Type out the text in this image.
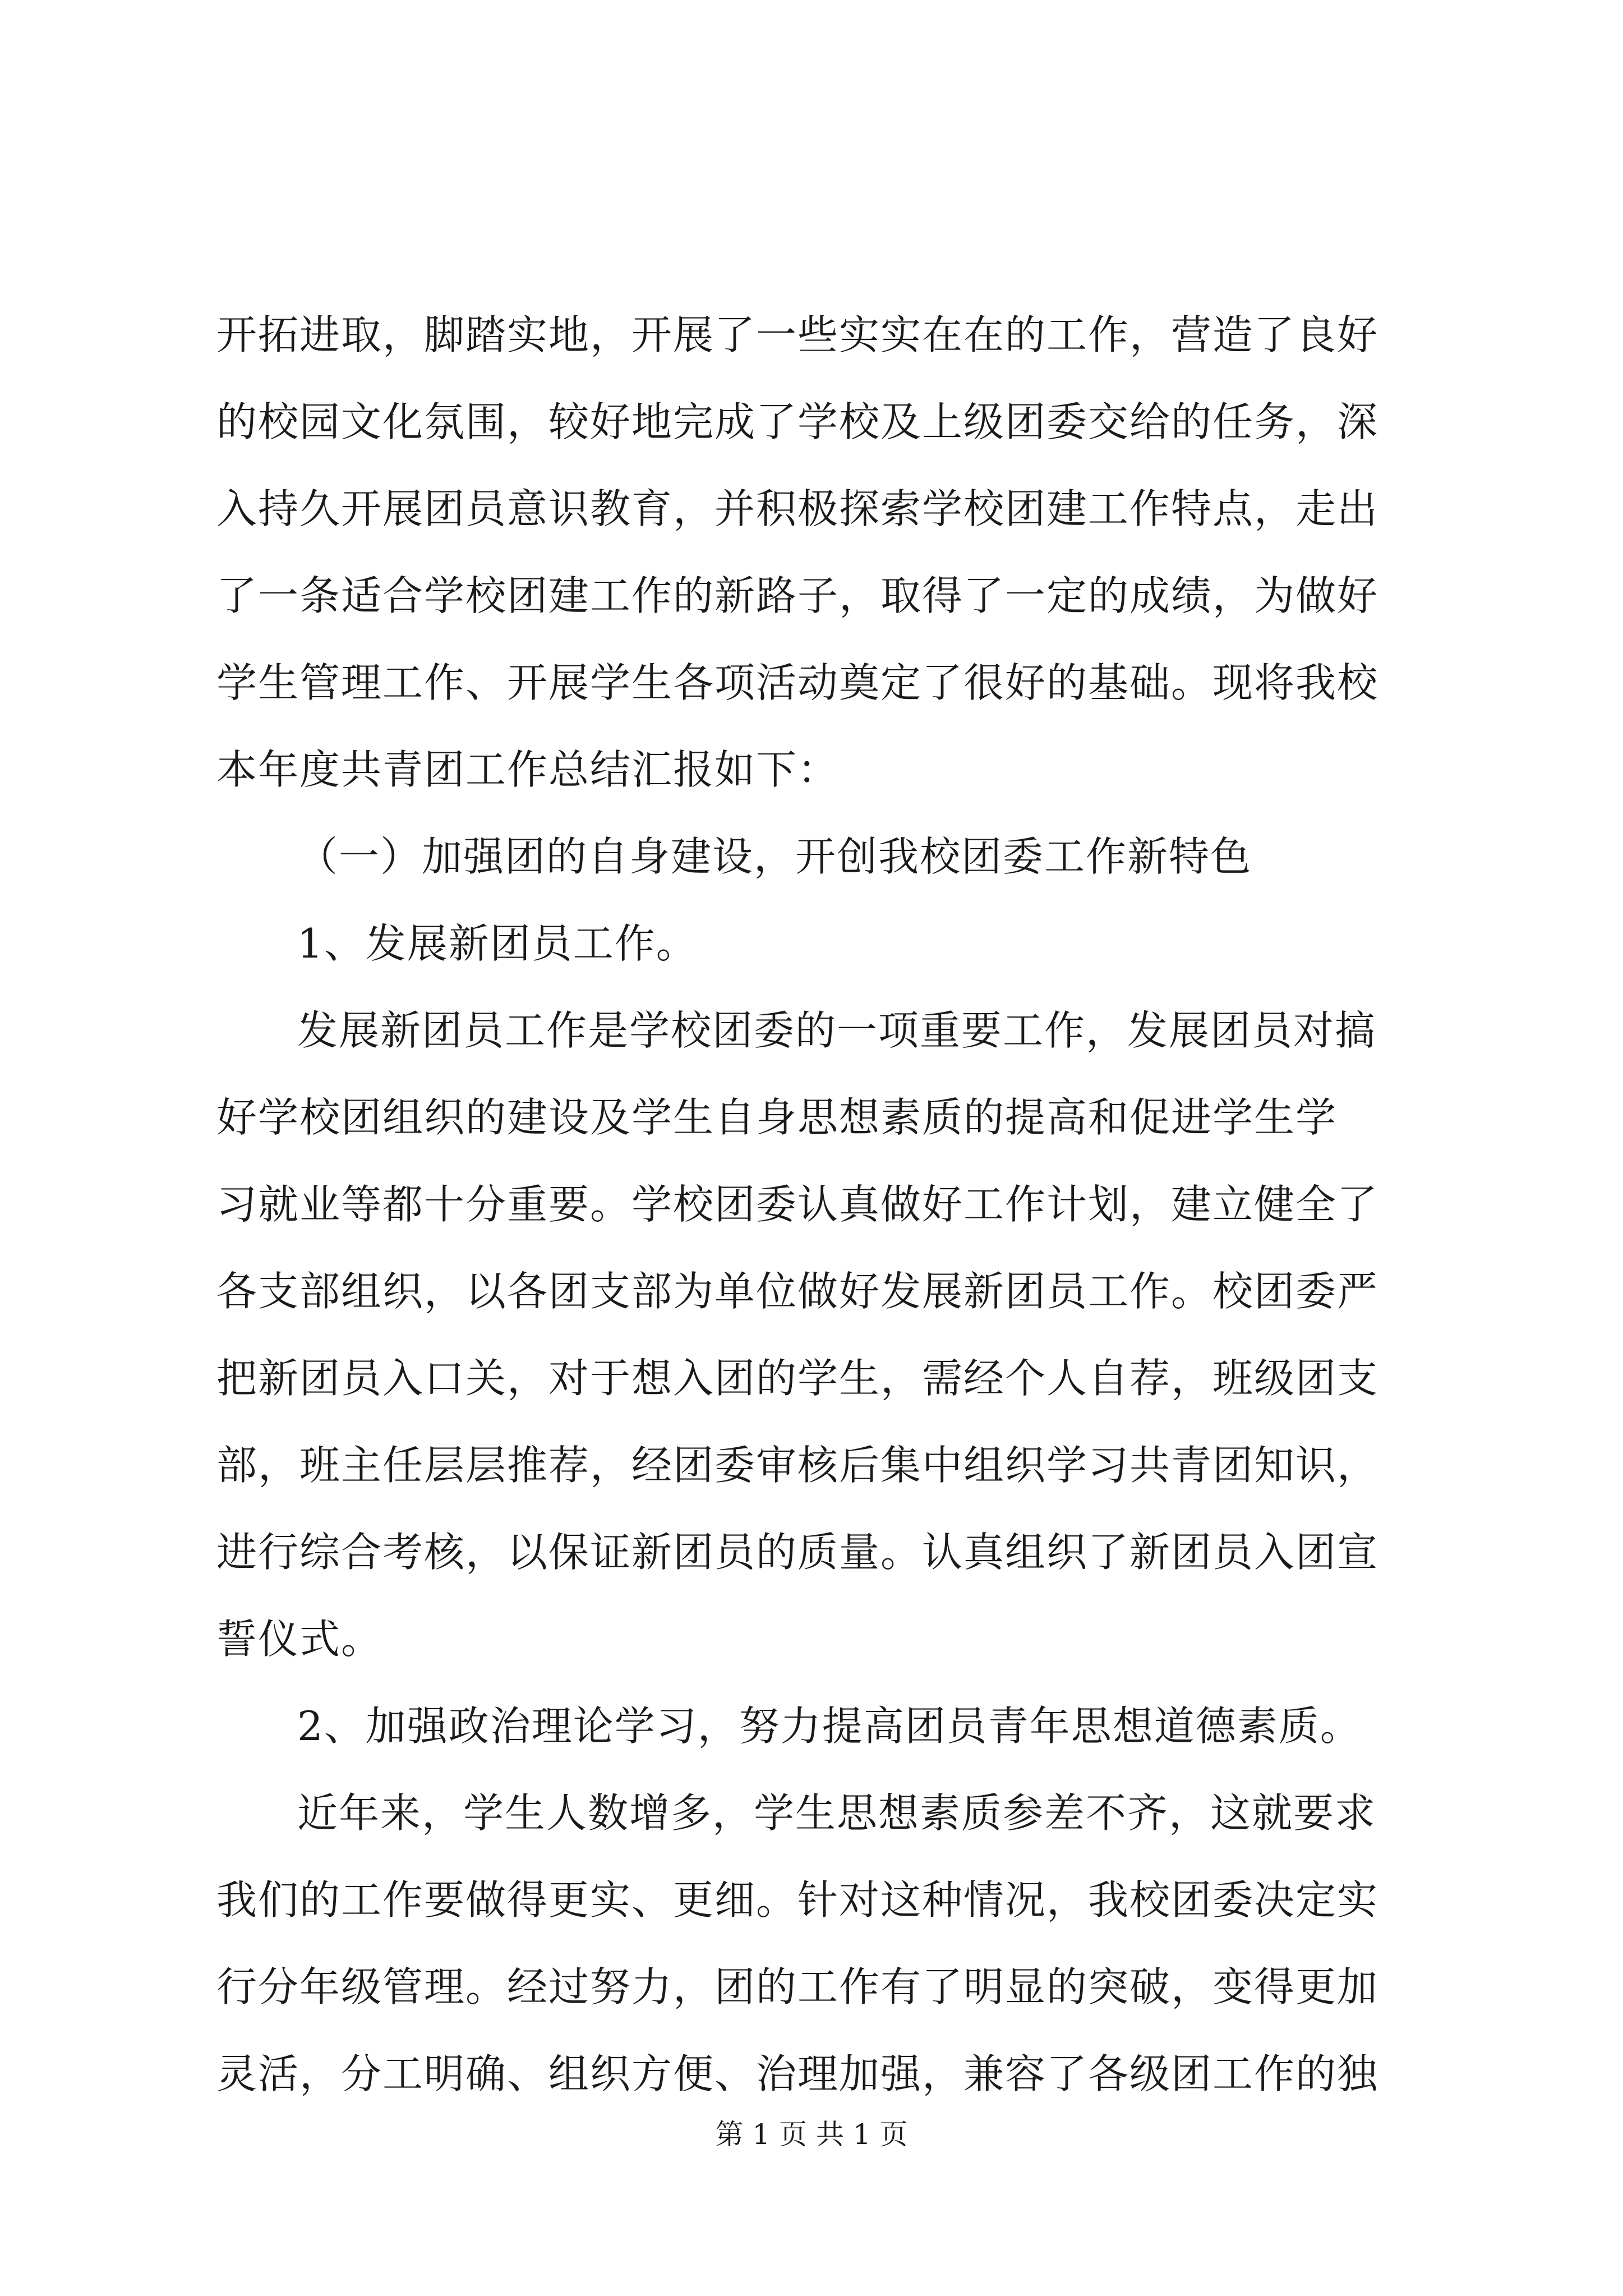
开拓进取，脚踏实地，开展了一些实实在在的工作，营造了良好
的校园文化氛围，较好地完成了学校及上级团委交给的任务，深
入持久开展团员意识教育，并积极探索学校团建工作特点，走出
了一条适合学校团建工作的新路子，取得了一定的成绩，为做好
学生管理工作、开展学生各项活动奠定了很好的基础。现将我校
本年度共青团工作总结汇报如下：
（一）加强团的自身建设，开创我校团委工作新特色
1、发展新团员工作。
发展新团员工作是学校团委的一项重要工作，发展团员对搞
好学校团组织的建设及学生自身思想素质的提高和促进学生学
习就业等都十分重要。学校团委认真做好工作计划，建立健全了
各支部组织，以各团支部为单位做好发展新团员工作。校团委严
把新团员入口关，对于想入团的学生，需经个人自荐，班级团支
部，班主任层层推荐，经团委审核后集中组织学习共青团知识，
进行综合考核，以保证新团员的质量。认真组织了新团员入团宣
誓仪式。
2、加强政治理论学习，努力提高团员青年思想道德素质。
近年来，学生人数增多，学生思想素质参差不齐，这就要求
我们的工作要做得更实、更细。针对这种情况，我校团委决定实
行分年级管理。经过努力，团的工作有了明显的突破，变得更加
灵活，分工明确、组织方便、治理加强，兼容了各级团工作的独
第 1 页 共 1 页
